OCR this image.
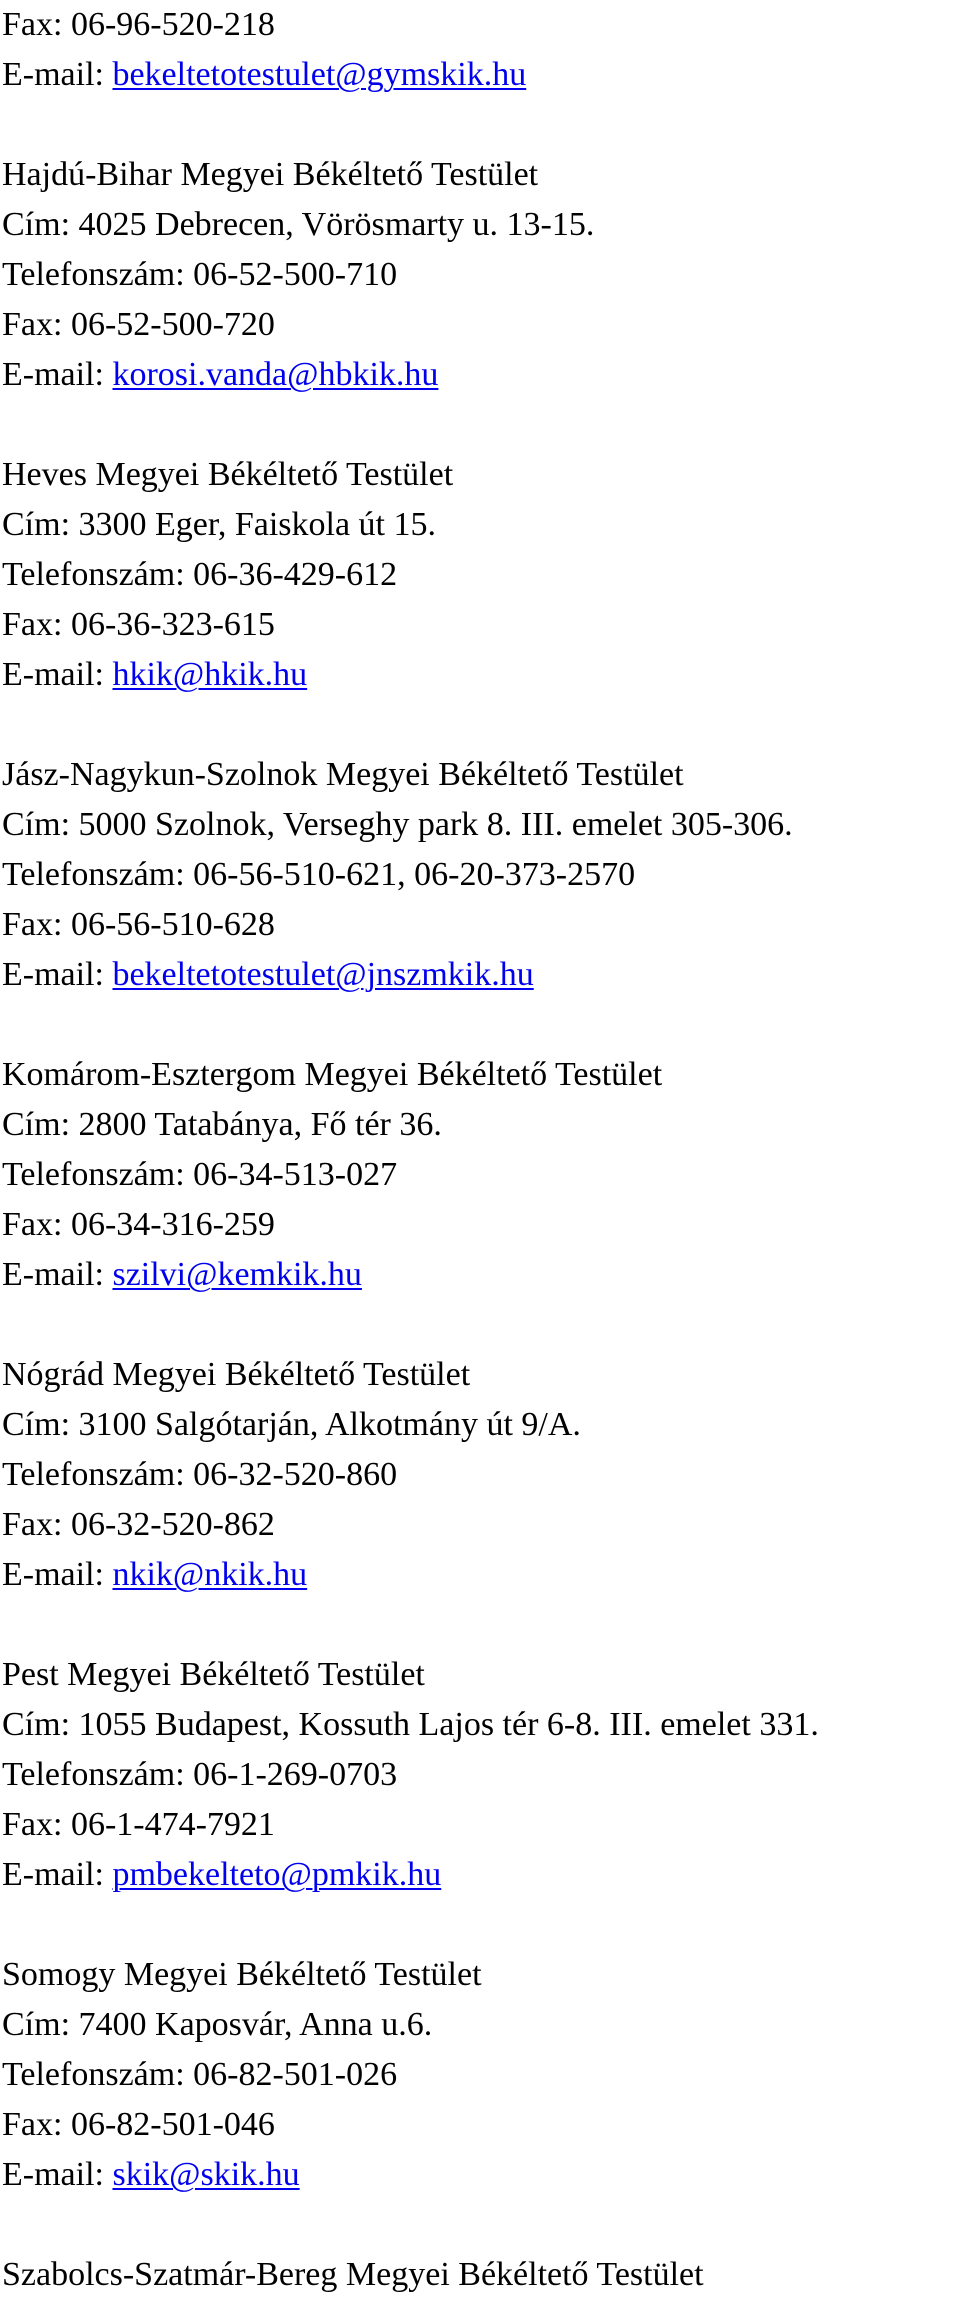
Fax: 06-96-520-218
E-mail: bekeltetotestulet@gymskik.hu
Hajdú-Bihar Megyei Békéltető Testület
Cím: 4025 Debrecen, Vörösmarty u. 13-15.
Telefonszám: 06-52-500-710
Fax: 06-52-500-720
E-mail: korosi.vanda@hbkik.hu
Heves Megyei Békéltető Testület
Cím: 3300 Eger, Faiskola út 15.
Telefonszám: 06-36-429-612
Fax: 06-36-323-615
E-mail: hkik@hkik.hu
Jász-Nagykun-Szolnok Megyei Békéltető Testület
Cím: 5000 Szolnok, Verseghy park 8. III. emelet 305-306.
Telefonszám: 06-56-510-621, 06-20-373-2570
Fax: 06-56-510-628
E-mail: bekeltetotestulet@jnszmkik.hu
Komárom-Esztergom Megyei Békéltető Testület
Cím: 2800 Tatabánya, Fő tér 36.
Telefonszám: 06-34-513-027
Fax: 06-34-316-259
E-mail: szilvi@kemkik.hu
Nógrád Megyei Békéltető Testület
Cím: 3100 Salgótarján, Alkotmány út 9/A.
Telefonszám: 06-32-520-860
Fax: 06-32-520-862
E-mail: nkik@nkik.hu
Pest Megyei Békéltető Testület
Cím: 1055 Budapest, Kossuth Lajos tér 6-8. III. emelet 331.
Telefonszám: 06-1-269-0703
Fax: 06-1-474-7921
E-mail: pmbekelteto@pmkik.hu
Somogy Megyei Békéltető Testület
Cím: 7400 Kaposvár, Anna u.6.
Telefonszám: 06-82-501-026
Fax: 06-82-501-046
E-mail: skik@skik.hu
Szabolcs-Szatmár-Bereg Megyei Békéltető Testület
